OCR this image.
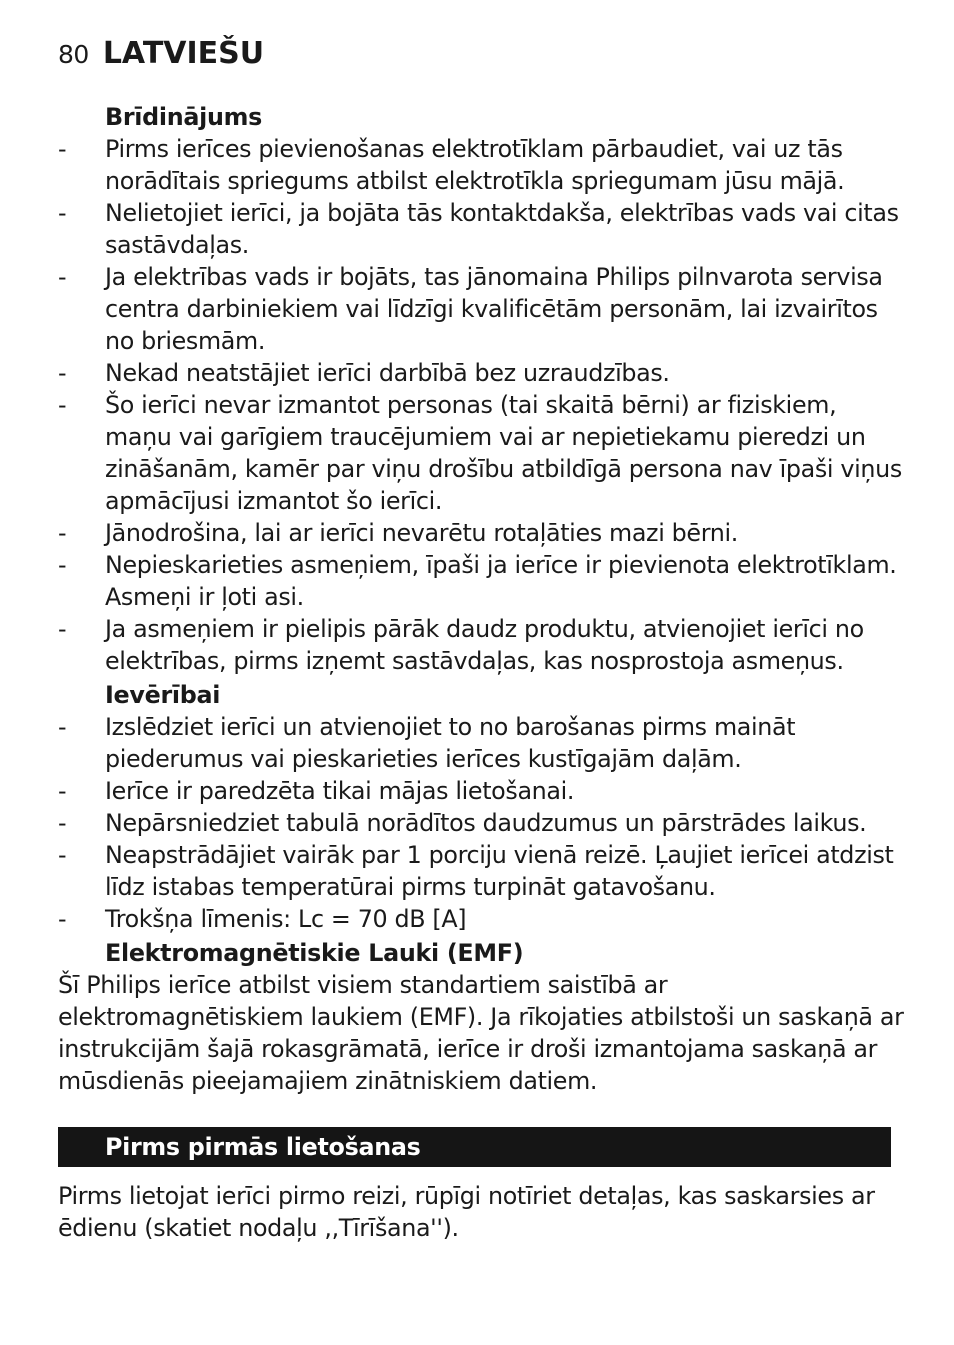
80 LATVIEŠU
Brīdinājums
- Pirms ierīces pievienošanas elektrotīklam pārbaudiet, vai uz tās norādītais spriegums atbilst elektrotīkla spriegumam jūsu mājā.
- Nelietojiet ierīci, ja bojāta tās kontaktdakša, elektrības vads vai citas sastāvdaļas.
- Ja elektrības vads ir bojāts, tas jānomaina Philips pilnvarota servisa centra darbiniekiem vai līdzīgi kvalificētām personām, lai izvairītos no briesmām.
- Nekad neatstājiet ierīci darbībā bez uzraudzības.
- Šo ierīci nevar izmantot personas (tai skaitā bērni) ar fiziskiem, maņu vai garīgiem traucējumiem vai ar nepietiekamu pieredzi un zināšanām, kamēr par viņu drošību atbildīgā persona nav īpaši viņus apmācījusi izmantot šo ierīci.
- Jānodrošina, lai ar ierīci nevarētu rotaļāties mazi bērni.
- Nepieskarieties asmeņiem, īpaši ja ierīce ir pievienota elektrotīklam. Asmeņi ir ļoti asi.
- Ja asmeņiem ir pielipis pārāk daudz produktu, atvienojiet ierīci no elektrības, pirms izņemt sastāvdaļas, kas nosprostoja asmeņus.
Ievērībai
- Izslēdziet ierīci un atvienojiet to no barošanas pirms maināt piederumus vai pieskarieties ierīces kustīgajām daļām.
- Ierīce ir paredzēta tikai mājas lietošanai.
- Nepārsniedziet tabulā norādītos daudzumus un pārstrādes laikus.
- Neapstrādājiet vairāk par 1 porciju vienā reizē. Ļaujiet ierīcei atdzist līdz istabas temperatūrai pirms turpināt gatavošanu.
- Trokšņa līmenis: Lc = 70 dB [A]
Elektromagnētiskie Lauki (EMF)
Šī Philips ierīce atbilst visiem standartiem saistībā ar elektromagnētiskiem laukiem (EMF). Ja rīkojaties atbilstoši un saskaņā ar instrukcijām šajā rokasgrāmatā, ierīce ir droši izmantojama saskaņā ar mūsdienās pieejamajiem zinātniskiem datiem.
Pirms pirmās lietošanas
Pirms lietojat ierīci pirmo reizi, rūpīgi notīriet detaļas, kas saskarsies ar ēdienu (skatiet nodaļu ,,Tīrīšana'').
